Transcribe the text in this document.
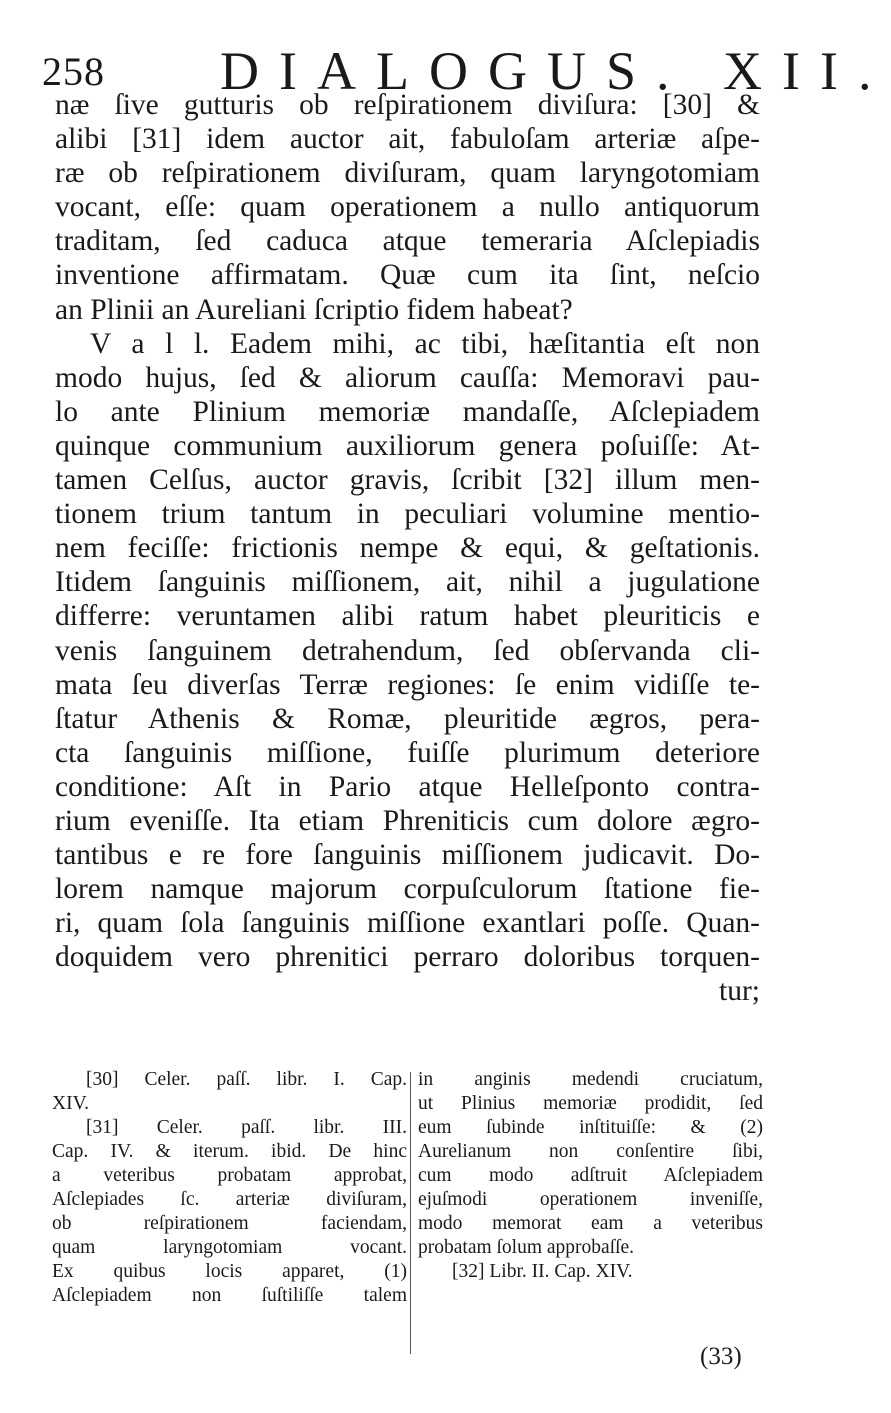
258 DIALOGUS. XII.
næ ſive gutturis ob reſpirationem diviſura: [30] &
alibi [31] idem auctor ait, fabuloſam arteriæ aſpe-
ræ ob reſpirationem diviſuram, quam laryngotomiam
vocant, eſſe: quam operationem a nullo antiquorum
traditam, ſed caduca atque temeraria Aſclepiadis
inventione affirmatam. Quæ cum ita ſint, neſcio
an Plinii an Aureliani ſcriptio fidem habeat?
V a l l. Eadem mihi, ac tibi, hæſitantia eſt non
modo hujus, ſed & aliorum cauſſa: Memoravi pau-
lo ante Plinium memoriæ mandaſſe, Aſclepiadem
quinque communium auxiliorum genera poſuiſſe: At-
tamen Celſus, auctor gravis, ſcribit [32] illum men-
tionem trium tantum in peculiari volumine mentio-
nem feciſſe: frictionis nempe & equi, & geſtationis.
Itidem ſanguinis miſſionem, ait, nihil a jugulatione
differre: veruntamen alibi ratum habet pleuriticis e
venis ſanguinem detrahendum, ſed obſervanda cli-
mata ſeu diverſas Terræ regiones: ſe enim vidiſſe te-
ſtatur Athenis & Romæ, pleuritide ægros, pera-
cta ſanguinis miſſione, fuiſſe plurimum deteriore
conditione: Aſt in Pario atque Helleſponto contra-
rium eveniſſe. Ita etiam Phreniticis cum dolore ægro-
tantibus e re fore ſanguinis miſſionem judicavit. Do-
lorem namque majorum corpuſculorum ſtatione fie-
ri, quam ſola ſanguinis miſſione exantlari poſſe. Quan-
doquidem vero phrenitici perraro doloribus torquen-
tur;
[30] Celer. paſſ. libr. I. Cap.
XIV.
[31] Celer. paſſ. libr. III.
Cap. IV. & iterum. ibid. De hinc
a veteribus probatam approbat,
Aſclepiades ſc. arteriæ diviſuram,
ob reſpirationem faciendam,
quam laryngotomiam vocant.
Ex quibus locis apparet, (1)
Aſclepiadem non ſuſtiliſſe talem
in anginis medendi cruciatum,
ut Plinius memoriæ prodidit, ſed
eum ſubinde inſtituiſſe: & (2)
Aurelianum non conſentire ſibi,
cum modo adſtruit Aſclepiadem
ejuſmodi operationem inveniſſe,
modo memorat eam a veteribus
probatam ſolum approbaſſe.
[32] Libr. II. Cap. XIV.
(33)
